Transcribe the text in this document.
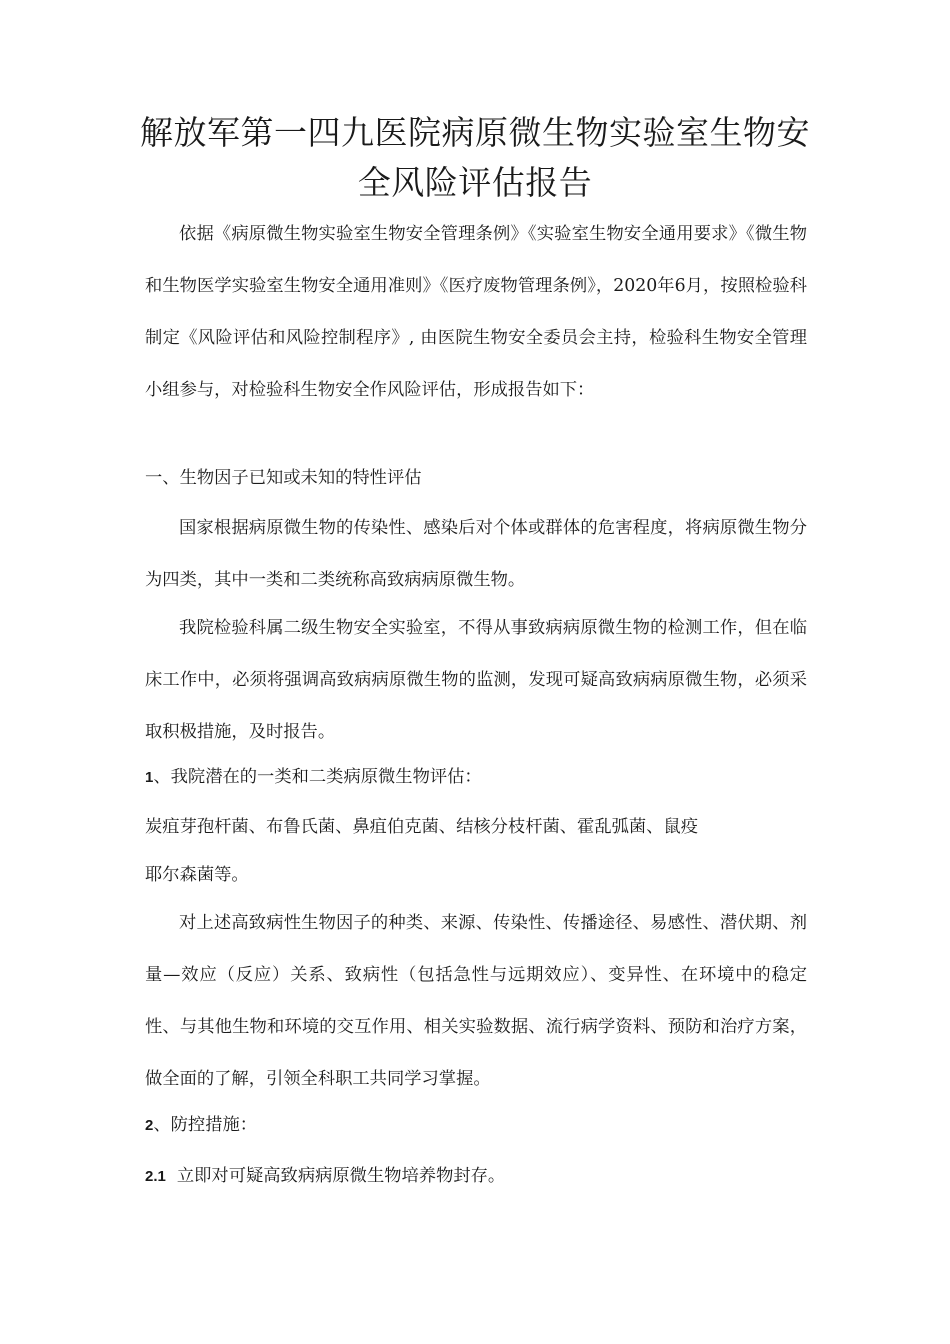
解放军第一四九医院病原微生物实验室生物安全风险评估报告

依据《病原微生物实验室生物安全管理条例》《实验室生物安全通用要求》《微生物和生物医学实验室生物安全通用准则》《医疗废物管理条例》，2020年6月，按照检验科制定《风险评估和风险控制程序》, 由医院生物安全委员会主持，检验科生物安全管理小组参与，对检验科生物安全作风险评估，形成报告如下：

一、生物因子已知或未知的特性评估

国家根据病原微生物的传染性、感染后对个体或群体的危害程度，将病原微生物分为四类，其中一类和二类统称高致病病原微生物。

我院检验科属二级生物安全实验室，不得从事致病病原微生物的检测工作，但在临床工作中，必须将强调高致病病原微生物的监测，发现可疑高致病病原微生物，必须采取积极措施，及时报告。

1、我院潜在的一类和二类病原微生物评估：

炭疽芽孢杆菌、布鲁氏菌、鼻疽伯克菌、结核分枝杆菌、霍乱弧菌、鼠疫

耶尔森菌等。

对上述高致病性生物因子的种类、来源、传染性、传播途径、易感性、潜伏期、剂量—效应（反应）关系、致病性（包括急性与远期效应）、变异性、在环境中的稳定性、与其他生物和环境的交互作用、相关实验数据、流行病学资料、预防和治疗方案，做全面的了解，引领全科职工共同学习掌握。

2、防控措施：

2.1 立即对可疑高致病病原微生物培养物封存。
